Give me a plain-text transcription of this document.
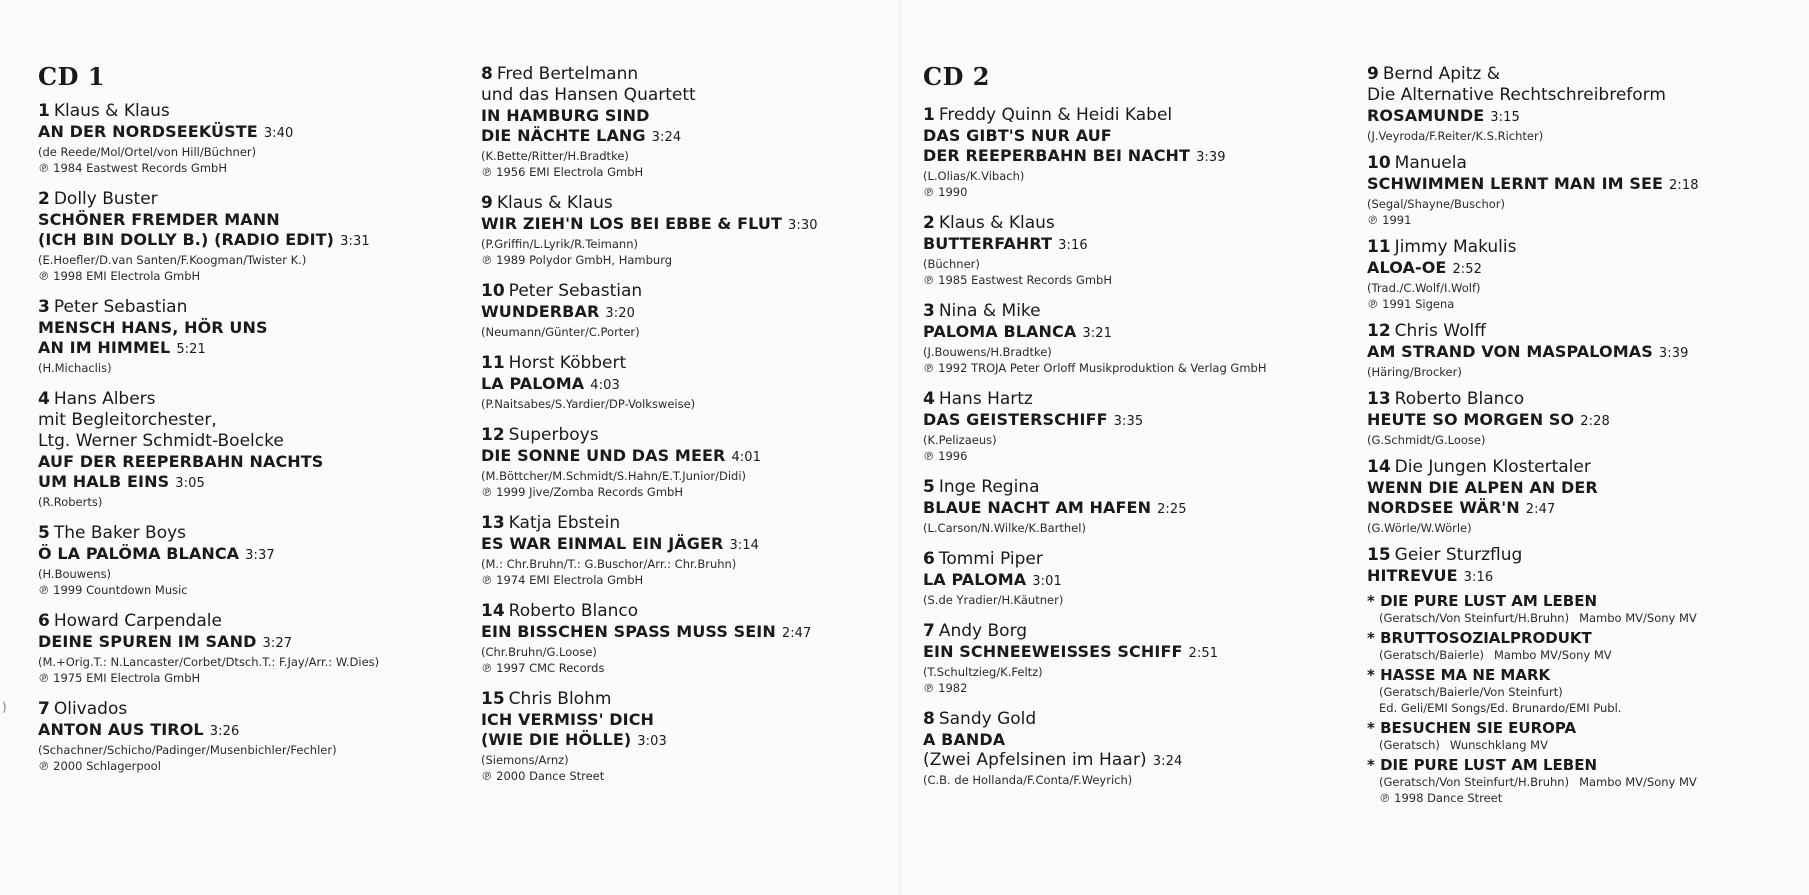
)
CD 1
1 Klaus & Klaus
AN DER NORDSEEKÜSTE 3:40
(de Reede/Mol/Ortel/von Hill/Büchner)
℗ 1984 Eastwest Records GmbH
2 Dolly Buster
SCHÖNER FREMDER MANN
(ICH BIN DOLLY B.) (RADIO EDIT) 3:31
(E.Hoefler/D.van Santen/F.Koogman/Twister K.)
℗ 1998 EMI Electrola GmbH
3 Peter Sebastian
MENSCH HANS, HÖR UNS
AN IM HIMMEL 5:21
(H.Michaclis)
4 Hans Albers
mit Begleitorchester,
Ltg. Werner Schmidt-Boelcke
AUF DER REEPERBAHN NACHTS
UM HALB EINS 3:05
(R.Roberts)
5 The Baker Boys
Ö LA PALÖMA BLANCA 3:37
(H.Bouwens)
℗ 1999 Countdown Music
6 Howard Carpendale
DEINE SPUREN IM SAND 3:27
(M.+Orig.T.: N.Lancaster/Corbet/Dtsch.T.: F.Jay/Arr.: W.Dies)
℗ 1975 EMI Electrola GmbH
7 Olivados
ANTON AUS TIROL 3:26
(Schachner/Schicho/Padinger/Musenbichler/Fechler)
℗ 2000 Schlagerpool
8 Fred Bertelmann
und das Hansen Quartett
IN HAMBURG SIND
DIE NÄCHTE LANG 3:24
(K.Bette/Ritter/H.Bradtke)
℗ 1956 EMI Electrola GmbH
9 Klaus & Klaus
WIR ZIEH'N LOS BEI EBBE & FLUT 3:30
(P.Griffin/L.Lyrik/R.Teimann)
℗ 1989 Polydor GmbH, Hamburg
10 Peter Sebastian
WUNDERBAR 3:20
(Neumann/Günter/C.Porter)
11 Horst Köbbert
LA PALOMA 4:03
(P.Naitsabes/S.Yardier/DP-Volksweise)
12 Superboys
DIE SONNE UND DAS MEER 4:01
(M.Böttcher/M.Schmidt/S.Hahn/E.T.Junior/Didi)
℗ 1999 Jive/Zomba Records GmbH
13 Katja Ebstein
ES WAR EINMAL EIN JÄGER 3:14
(M.: Chr.Bruhn/T.: G.Buschor/Arr.: Chr.Bruhn)
℗ 1974 EMI Electrola GmbH
14 Roberto Blanco
EIN BISSCHEN SPASS MUSS SEIN 2:47
(Chr.Bruhn/G.Loose)
℗ 1997 CMC Records
15 Chris Blohm
ICH VERMISS' DICH
(WIE DIE HÖLLE) 3:03
(Siemons/Arnz)
℗ 2000 Dance Street
CD 2
1 Freddy Quinn & Heidi Kabel
DAS GIBT'S NUR AUF
DER REEPERBAHN BEI NACHT 3:39
(L.Olias/K.Vibach)
℗ 1990
2 Klaus & Klaus
BUTTERFAHRT 3:16
(Büchner)
℗ 1985 Eastwest Records GmbH
3 Nina & Mike
PALOMA BLANCA 3:21
(J.Bouwens/H.Bradtke)
℗ 1992 TROJA Peter Orloff Musikproduktion & Verlag GmbH
4 Hans Hartz
DAS GEISTERSCHIFF 3:35
(K.Pelizaeus)
℗ 1996
5 Inge Regina
BLAUE NACHT AM HAFEN 2:25
(L.Carson/N.Wilke/K.Barthel)
6 Tommi Piper
LA PALOMA 3:01
(S.de Yradier/H.Käutner)
7 Andy Borg
EIN SCHNEEWEISSES SCHIFF 2:51
(T.Schultzieg/K.Feltz)
℗ 1982
8 Sandy Gold
A BANDA
(Zwei Apfelsinen im Haar) 3:24
(C.B. de Hollanda/F.Conta/F.Weyrich)
9 Bernd Apitz &
Die Alternative Rechtschreibreform
ROSAMUNDE 3:15
(J.Veyroda/F.Reiter/K.S.Richter)
10 Manuela
SCHWIMMEN LERNT MAN IM SEE 2:18
(Segal/Shayne/Buschor)
℗ 1991
11 Jimmy Makulis
ALOA-OE 2:52
(Trad./C.Wolf/I.Wolf)
℗ 1991 Sigena
12 Chris Wolff
AM STRAND VON MASPALOMAS 3:39
(Häring/Brocker)
13 Roberto Blanco
HEUTE SO MORGEN SO 2:28
(G.Schmidt/G.Loose)
14 Die Jungen Klostertaler
WENN DIE ALPEN AN DER
NORDSEE WÄR'N 2:47
(G.Wörle/W.Wörle)
15 Geier Sturzflug
HITREVUE 3:16
* DIE PURE LUST AM LEBEN
(Geratsch/Von Steinfurt/H.Bruhn) Mambo MV/Sony MV
* BRUTTOSOZIALPRODUKT
(Geratsch/Baierle) Mambo MV/Sony MV
* HASSE MA NE MARK
(Geratsch/Baierle/Von Steinfurt)
Ed. Geli/EMI Songs/Ed. Brunardo/EMI Publ.
* BESUCHEN SIE EUROPA
(Geratsch) Wunschklang MV
* DIE PURE LUST AM LEBEN
(Geratsch/Von Steinfurt/H.Bruhn) Mambo MV/Sony MV
℗ 1998 Dance Street
